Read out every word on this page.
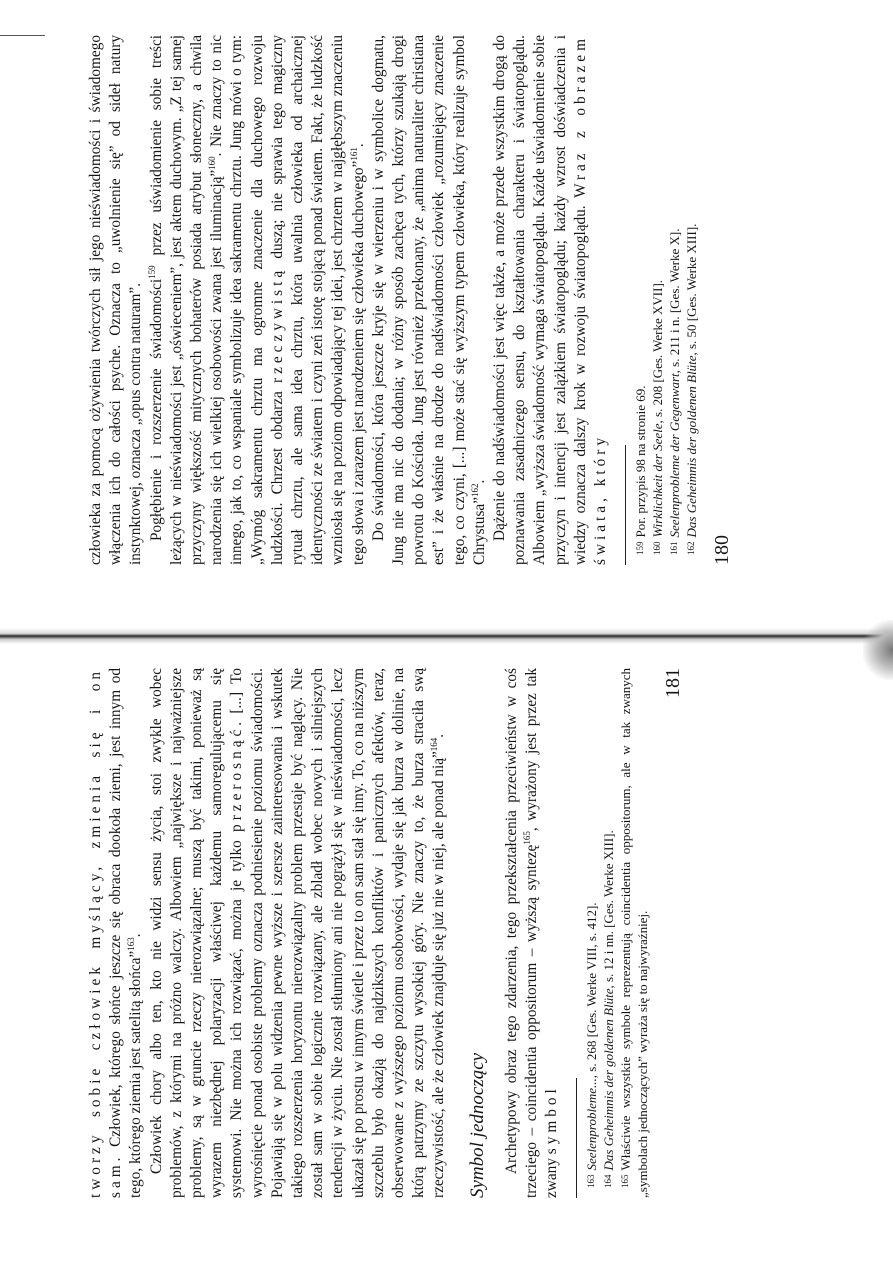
człowieka za pomocą ożywienia twórczych sił jego nieświadomości i świadomego włączenia ich do całości psyche. Oznacza to „uwolnienie się” od sideł natury instynktowej, oznacza „opus contra naturam”. Pogłębienie i rozszerzenie świadomości$^{159}$ przez uświadomienie sobie treści leżących w nieświadomości jest „oświeceniem”, jest aktem duchowym. „Z tej samej przyczyny większość mitycznych bohaterów posiada atrybut słoneczny, a chwila narodzenia się ich wielkiej osobowości zwana jest iluminacją”$^{160}$. Nie znaczy to nic innego, jak to, co wspaniale symbolizuje idea sakramentu chrztu. Jung mówi o tym: „Wymóg sakramentu chrztu ma ogromne znaczenie dla duchowego rozwoju ludzkości. Chrzest obdarza rzeczywistą duszą; nie sprawia tego magiczny rytuał chrztu, ale sama idea chrztu, która uwalnia człowieka od archaicznej identyczności ze światem i czyni zeń istotę stojącą ponad światem. Fakt, że ludzkość wzniosła się na poziom odpowiadający tej idei, jest chrztem w najgłębszym znaczeniu tego słowa i zarazem jest narodzeniem się człowieka duchowego”$^{161}$. Do świadomości, która jeszcze kryje się w wierzeniu i w symbolice dogmatu, Jung nie ma nic do dodania; w różny sposób zachęca tych, którzy szukają drogi powrotu do Kościoła. Jung jest również przekonany, że „anima naturaliter christiana est” i że właśnie na drodze do nadświadomości człowiek „rozumiejący znaczenie tego, co czyni, [...] może stać się wyższym typem człowieka, który realizuje symbol Chrystusa”$^{162}$. Dążenie do nadświadomości jest więc także, a może przede wszystkim drogą do poznawania zasadniczego sensu, do kształtowania charakteru i światopoglądu. Albowiem „wyższa świadomość wymaga światopoglądu. Każde uświadomienie sobie przyczyn i intencji jest zalążkiem światopoglądu; każdy wzrost doświadczenia i wiedzy oznacza dalszy krok w rozwoju światopoglądu. Wraz z obrazem świata, który	$^{159}$Por. przypis 98 na stronie 69.

$^{160}$Wirklichkeit der Seele, s. 208 [Ges. Werke XVII].

$^{161}$Seelenprobleme der Gegenwart, s. 211 i n. [Ges. Werke X].

$^{162}$Das Geheimnis der goldenen Blüte, s. 50 [Ges. Werke XIII].

180

tworzy sobie człowiek myślący, zmienia się i on sam. Człowiek, którego słońce jeszcze się obraca dookoła ziemi, jest innym od tego, którego ziemia jest satelitą słońca”$^{163}$. Człowiek chory albo ten, kto nie widzi sensu życia, stoi zwykle wobec problemów, z którymi na próżno walczy. Albowiem „największe i najważniejsze problemy, są w gruncie rzeczy nierozwiązalne; muszą być takimi, ponieważ są wyrazem niezbędnej polaryzacji właściwej każdemu samoregulującemu się systemowi. Nie można ich rozwiązać, można je tylko przerosnąć. [...] To wyrośnięcie ponad osobiste problemy oznacza podniesienie poziomu świadomości. Pojawiają się w polu widzenia pewne wyższe i szersze zainteresowania i wskutek takiego rozszerzenia horyzontu nierozwiązalny problem przestaje być naglący. Nie został sam w sobie logicznie rozwiązany, ale zbladł wobec nowych i silniejszych tendencji w życiu. Nie został stłumiony ani nie pogrążył się w nieświadomości, lecz ukazał się po prostu w innym świetle i przez to on sam stał się inny. To, co na niższym szczeblu było okazją do najdzikszych konfliktów i panicznych afektów, teraz, obserwowane z wyższego poziomu osobowości, wydaje się jak burza w dolinie, na którą patrzymy ze szczytu wysokiej góry. Nie znaczy to, że burza straciła swą rzeczywistość, ale że człowiek znajduje się już nie w niej, ale ponad nią”$^{164}$.

Symbol jednoczący Archetypowy obraz tego zdarzenia, tego przekształcenia przeciwieństw w coś trzeciego – coincidentia oppositorum – wyższą syntezę$^{165}$, wyrażony jest przez tak zwany symbol

$^{163}$Seelenprobleme..., s. 268 [Ges. Werke VIII, s. 412].

$^{164}$Das Geheimnis der goldenen Blüte, s. 12 i nn. [Ges. Werke XIII].

$^{165}$Właściwie wszystkie symbole reprezentują coincidentia oppositorum, ale w tak zwanych „symbolach jednoczących” wyraża się to najwyraźniej.

181
